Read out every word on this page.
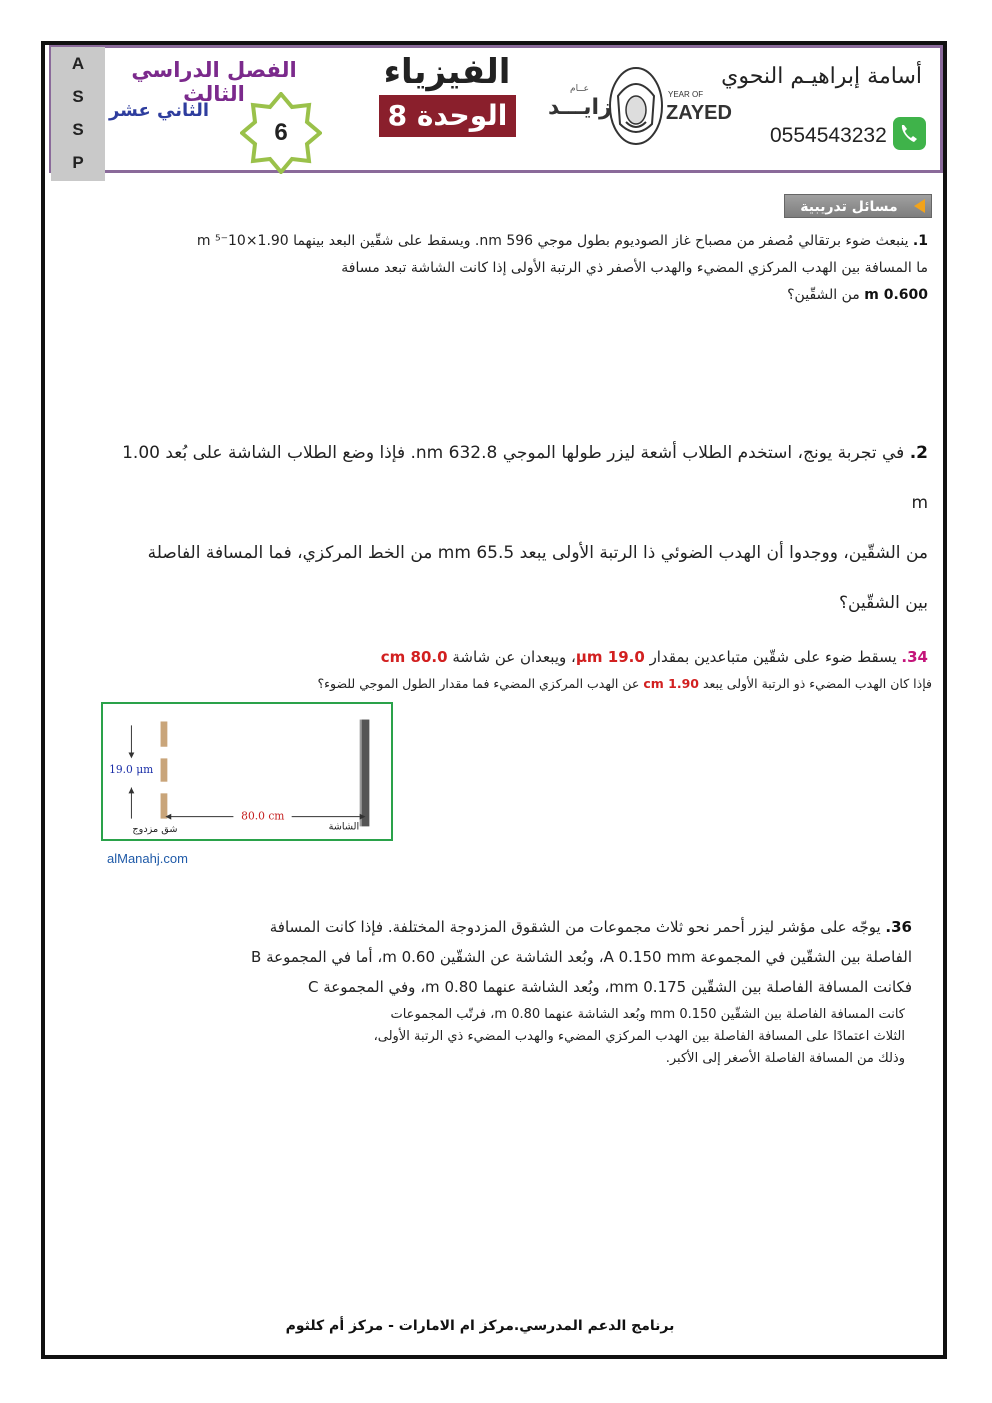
A
S
S
P
الفصل الدراسي الثالث
الثاني عشر
6
الفيزياء
الوحدة 8
عــام
زايـــد
YEAR OF
ZAYED
أسامة إبراهيـم النحوي
0554543232
مسائل تدريبية
1. ينبعث ضوء برتقالي مُصفر من مصباح غاز الصوديوم بطول موجي 596 nm. ويسقط على شقّين البعد بينهما 1.90×10⁻⁵ m
ما المسافة بين الهدب المركزي المضيء والهدب الأصفر ذي الرتبة الأولى إذا كانت الشاشة تبعد مسافة
0.600 m من الشقّين؟
2. في تجربة يونج، استخدم الطلاب أشعة ليزر طولها الموجي 632.8 nm. فإذا وضع الطلاب الشاشة على بُعد 1.00 m
من الشقّين، ووجدوا أن الهدب الضوئي ذا الرتبة الأولى يبعد 65.5 mm من الخط المركزي، فما المسافة الفاصلة بين الشقّين؟
34. يسقط ضوء على شقّين متباعدين بمقدار 19.0 μm، ويبعدان عن شاشة 80.0 cm
فإذا كان الهدب المضيء ذو الرتبة الأولى يبعد 1.90 cm عن الهدب المركزي المضيء فما مقدار الطول الموجي للضوء؟
19.0 μm
80.0 cm
شق مزدوج	الشاشة
alManahj.com
36. يوجّه على مؤشر ليزر أحمر نحو ثلاث مجموعات من الشقوق المزدوجة المختلفة. فإذا كانت المسافة
الفاصلة بين الشقّين في المجموعة A 0.150 mm، وبُعد الشاشة عن الشقّين 0.60 m، أما في المجموعة B
فكانت المسافة الفاصلة بين الشقّين 0.175 mm، وبُعد الشاشة عنهما 0.80 m، وفي المجموعة C
كانت المسافة الفاصلة بين الشقّين 0.150 mm وبُعد الشاشة عنهما 0.80 m، فرتّب المجموعات
الثلاث اعتمادًا على المسافة الفاصلة بين الهدب المركزي المضيء والهدب المضيء ذي الرتبة الأولى،
وذلك من المسافة الفاصلة الأصغر إلى الأكبر.
برنامج الدعم المدرسي.مركز ام الامارات - مركز أم كلثوم
